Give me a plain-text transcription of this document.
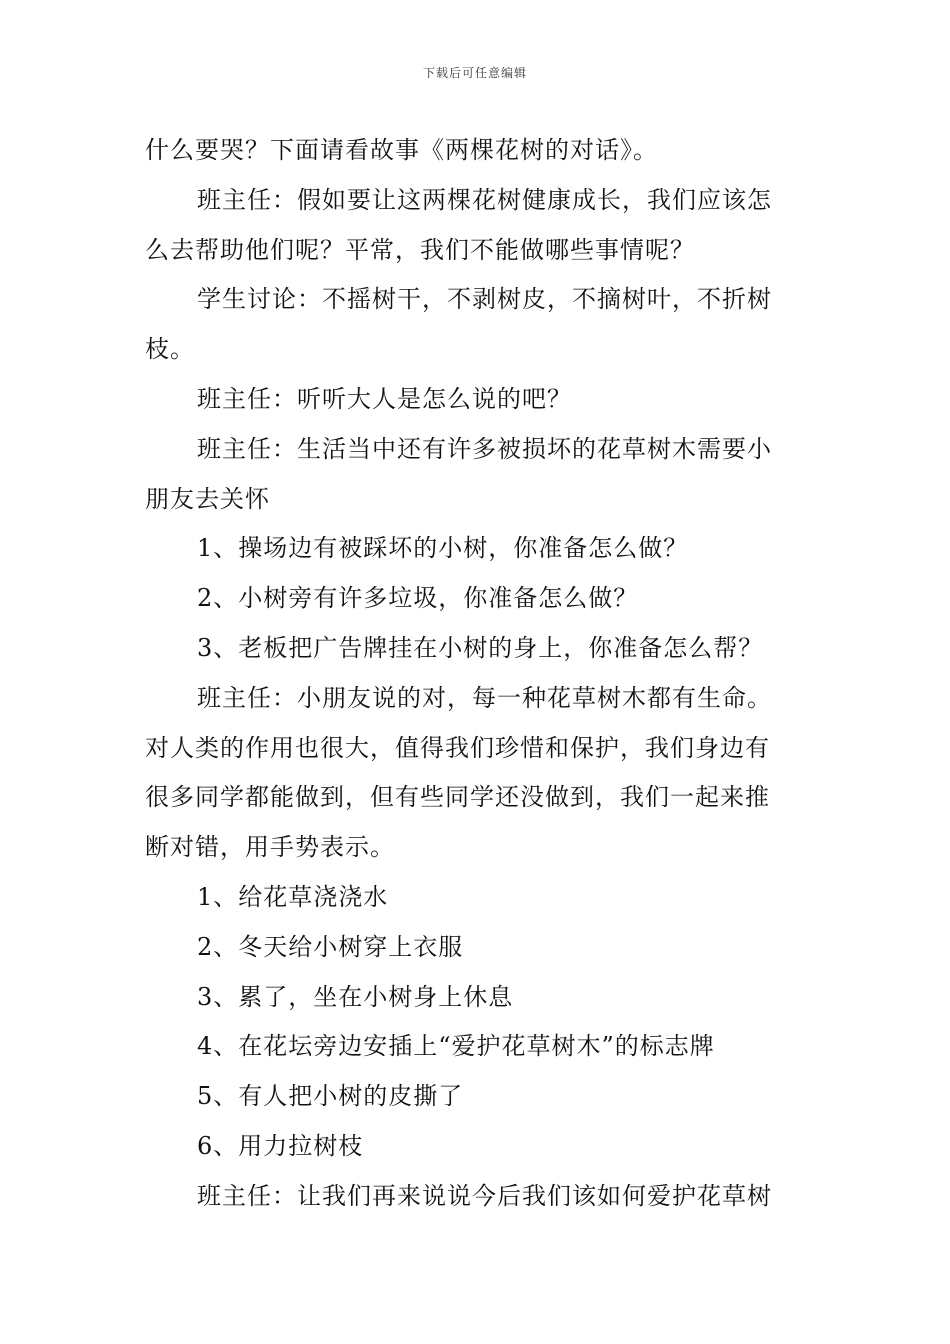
下载后可任意编辑
什么要哭？下面请看故事《两棵花树的对话》。
班主任：假如要让这两棵花树健康成长，我们应该怎
么去帮助他们呢？平常，我们不能做哪些事情呢？
学生讨论：不摇树干，不剥树皮，不摘树叶，不折树
枝。
班主任：听听大人是怎么说的吧？
班主任：生活当中还有许多被损坏的花草树木需要小
朋友去关怀
1、操场边有被踩坏的小树，你准备怎么做？
2、小树旁有许多垃圾，你准备怎么做？
3、老板把广告牌挂在小树的身上，你准备怎么帮？
班主任：小朋友说的对，每一种花草树木都有生命。
对人类的作用也很大，值得我们珍惜和保护，我们身边有
很多同学都能做到，但有些同学还没做到，我们一起来推
断对错，用手势表示。
1、给花草浇浇水
2、冬天给小树穿上衣服
3、累了，坐在小树身上休息
4、在花坛旁边安插上“爱护花草树木”的标志牌
5、有人把小树的皮撕了
6、用力拉树枝
班主任：让我们再来说说今后我们该如何爱护花草树
